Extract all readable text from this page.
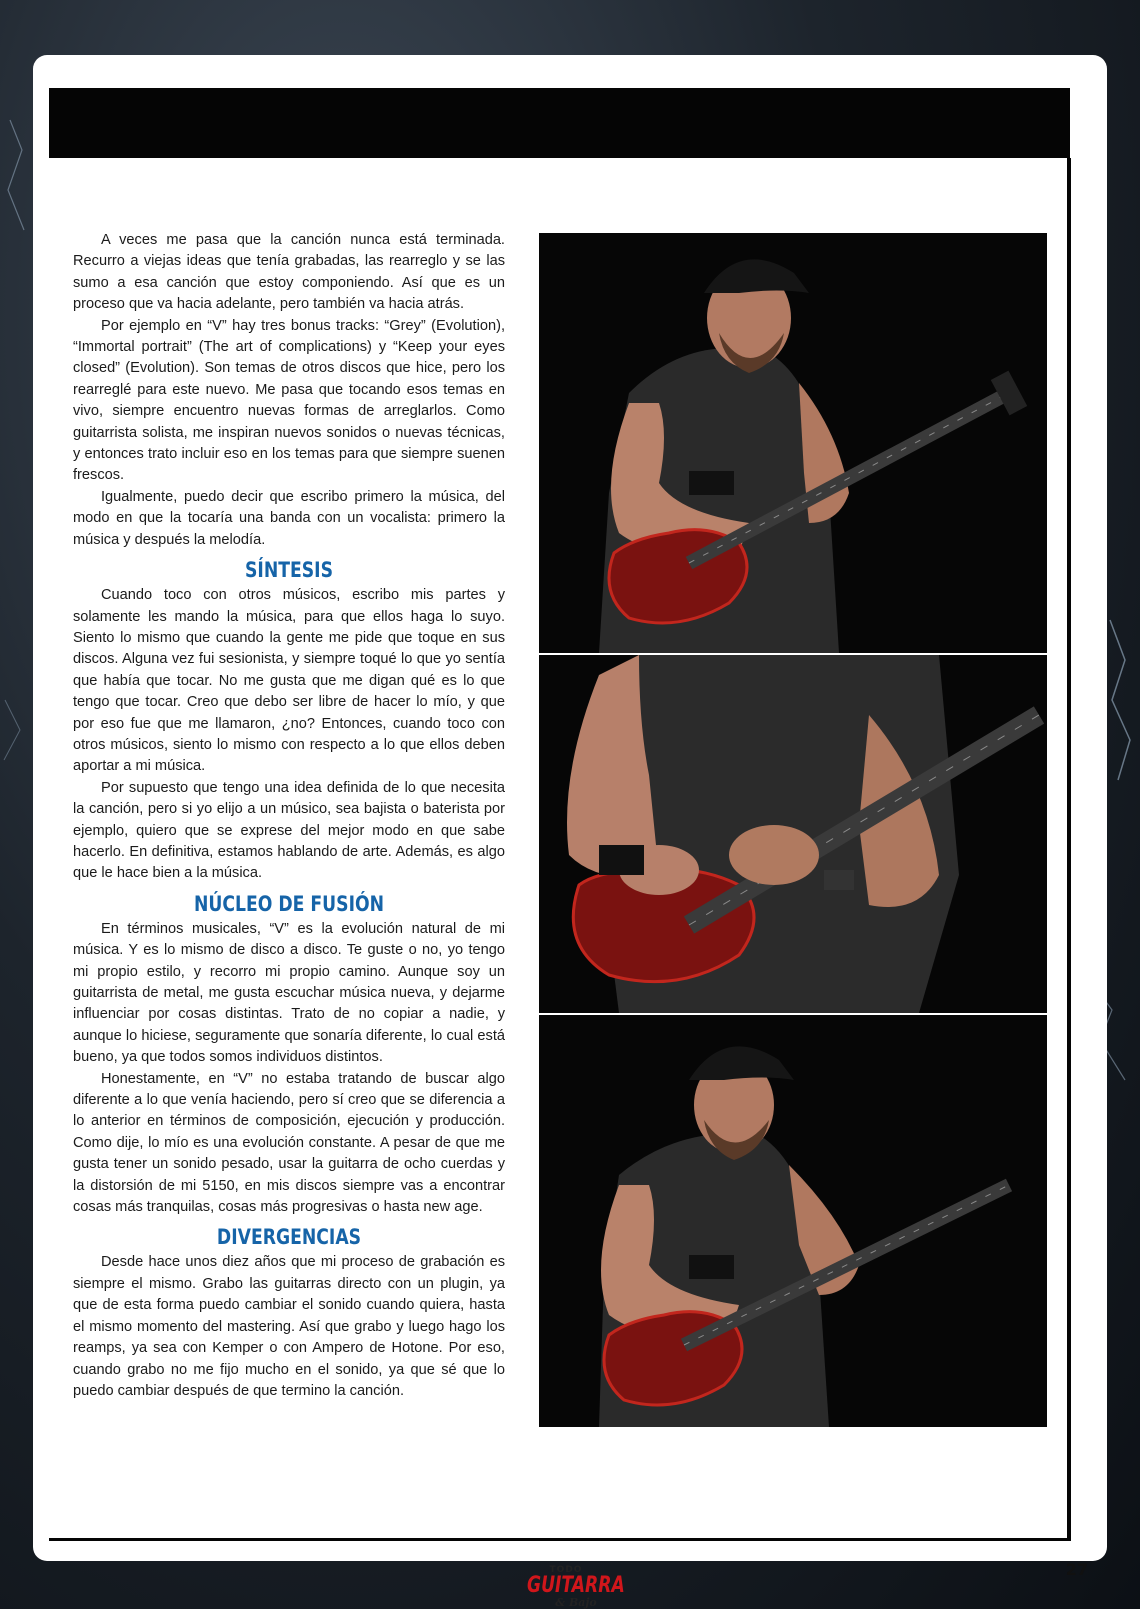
A veces me pasa que la canción nunca está terminada. Recurro a viejas ideas que tenía grabadas, las rearreglo y se las sumo a esa canción que estoy componiendo. Así que es un proceso que va hacia adelante, pero también va hacia atrás.

Por ejemplo en “V” hay tres bonus tracks: “Grey” (Evolution), “Immortal portrait” (The art of complications) y “Keep your eyes closed” (Evolution). Son temas de otros discos que hice, pero los rearreglé para este nuevo. Me pasa que tocando esos temas en vivo, siempre encuentro nuevas formas de arreglarlos. Como guitarrista solista, me inspiran nuevos sonidos o nuevas técnicas, y entonces trato incluir eso en los temas para que siempre suenen frescos.

Igualmente, puedo decir que escribo primero la música, del modo en que la tocaría una banda con un vocalista: primero la música y después la melodía.

SÍNTESIS

Cuando toco con otros músicos, escribo mis partes y solamente les mando la música, para que ellos haga lo suyo. Siento lo mismo que cuando la gente me pide que toque en sus discos. Alguna vez fui sesionista, y siempre toqué lo que yo sentía que había que tocar. No me gusta que me digan qué es lo que tengo que tocar. Creo que debo ser libre de hacer lo mío, y que por eso fue que me llamaron, ¿no? Entonces, cuando toco con otros músicos, siento lo mismo con respecto a lo que ellos deben aportar a mi música.

Por supuesto que tengo una idea definida de lo que necesita la canción, pero si yo elijo a un músico, sea bajista o baterista por ejemplo, quiero que se exprese del mejor modo en que sabe hacerlo. En definitiva, estamos hablando de arte. Además, es algo que le hace bien a la música.

NÚCLEO DE FUSIÓN

En términos musicales, “V” es la evolución natural de mi música. Y es lo mismo de disco a disco. Te guste o no, yo tengo mi propio estilo, y recorro mi propio camino. Aunque soy un guitarrista de metal, me gusta escuchar música nueva, y dejarme influenciar por cosas distintas. Trato de no copiar a nadie, y aunque lo hiciese, seguramente que sonaría diferente, lo cual está bueno, ya que todos somos individuos distintos.

Honestamente, en “V” no estaba tratando de buscar algo diferente a lo que venía haciendo, pero sí creo que se diferencia a lo anterior en términos de composición, ejecución y producción. Como dije, lo mío es una evolución constante. A pesar de que me gusta tener un sonido pesado, usar la guitarra de ocho cuerdas y la distorsión de mi 5150, en mis discos siempre vas a encontrar cosas más tranquilas, cosas más progresivas o hasta new age.

DIVERGENCIAS

Desde hace unos diez años que mi proceso de grabación es siempre el mismo. Grabo las guitarras directo con un plugin, ya que de esta forma puedo cambiar el sonido cuando quiera, hasta el mismo momento del mastering. Así que grabo y luego hago los reamps, ya sea con Kemper o con Ampero de Hotone. Por eso, cuando grabo no me fijo mucho en el sonido, ya que sé que lo puedo cambiar después de que termino la canción.

TODO
GUITARRA
& Bajo
27
